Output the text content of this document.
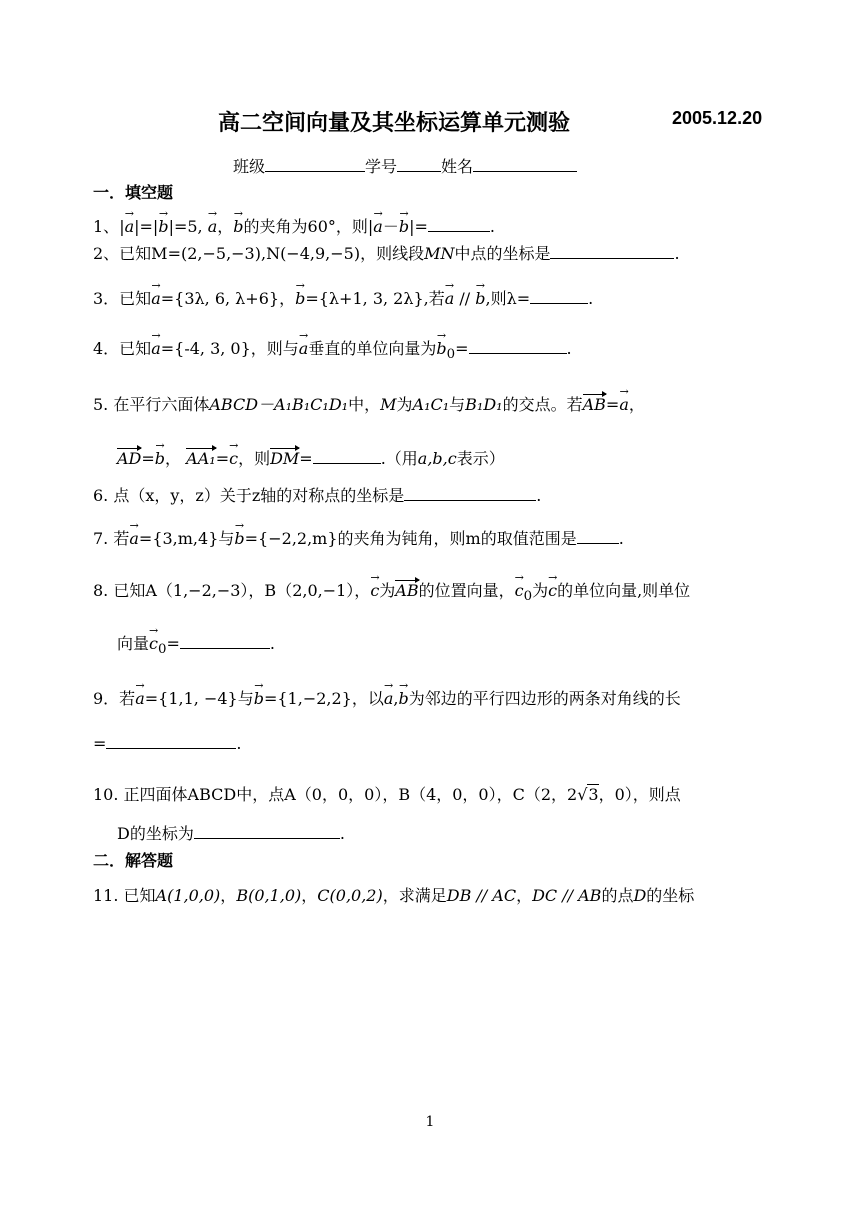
高二空间向量及其坐标运算单元测验	2005.12.20
班级	学号	姓名
一．填空题
1、|→ a|=|→ b|=5, → a，→ b的夹角为60°，则|→ a－→ b|=	.
2、已知M=(2,−5,−3),N(−4,9,−5)，则线段MN中点的坐标是	.
3．已知→ a={3λ, 6, λ+6}，→ b={λ+1, 3, 2λ},若→ a // → b,则λ=	.
4．已知→ a={-4, 3, 0}，则与→ a垂直的单位向量为→ $b_0=$	.
5. 在平行六面体ABCD－A₁B₁C₁D₁中，M为A₁C₁与B₁D₁的交点。若AB=→ a，
AD=→ b， AA₁=→ c，则DM=	.（用a,b,c表示）
6. 点（x，y，z）关于z轴的对称点的坐标是	.
7. 若→ a={3,m,4}与→ b={−2,2,m}的夹角为钝角，则m的取值范围是	.
8. 已知A（1,−2,−3），B（2,0,−1），→ c为AB的位置向量，→ $c_0$为→ c的单位向量,则单位
向量→ $c_0=$	.
9．若→ a={1,1, −4}与→ b={1,−2,2}，以→ a,→ b为邻边的平行四边形的两条对角线的长
=	.
10. 正四面体ABCD中，点A（0，0，0），B（4，0，0），C（2，2√3，0），则点
D的坐标为	.
二．解答题
11. 已知A(1,0,0)，B(0,1,0)，C(0,0,2)，求满足DB // AC，DC // AB的点D的坐标
1
